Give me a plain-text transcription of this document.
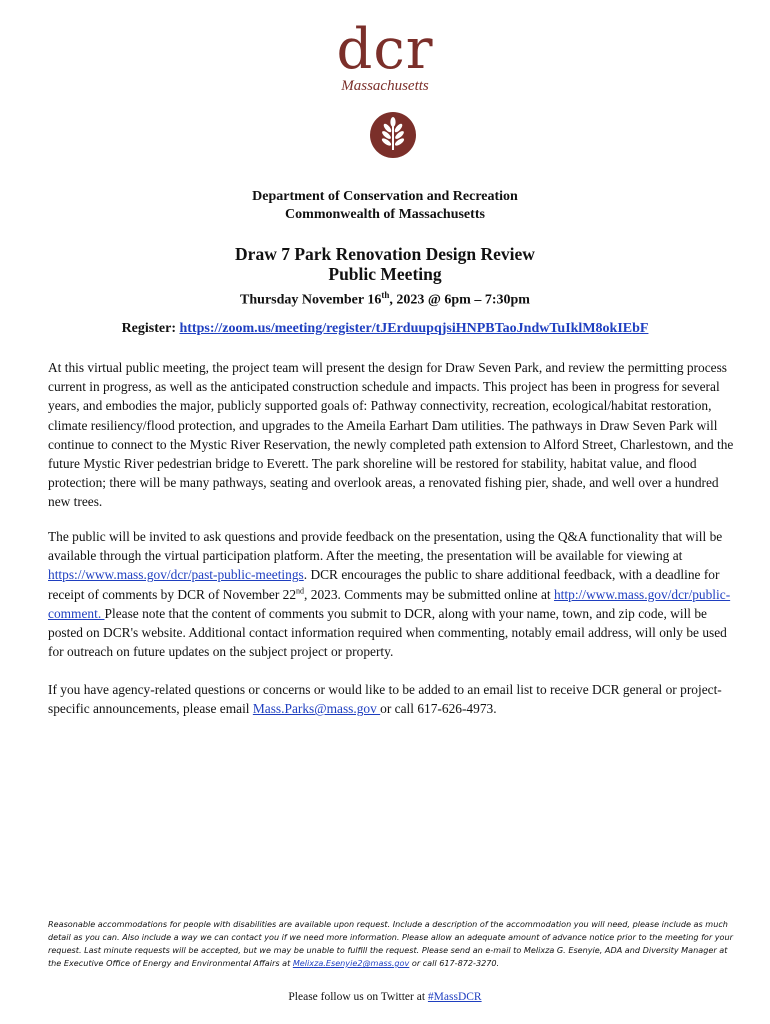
dcr
Massachusetts
Department of Conservation and Recreation
Commonwealth of Massachusetts
Draw 7 Park Renovation Design Review
Public Meeting
Thursday November 16th, 2023 @ 6pm – 7:30pm
Register: https://zoom.us/meeting/register/tJErduupqjsiHNPBTaoJndwTuIklM8okIEbF
At this virtual public meeting, the project team will present the design for Draw Seven Park, and review the permitting process current in progress, as well as the anticipated construction schedule and impacts. This project has been in progress for several years, and embodies the major, publicly supported goals of: Pathway connectivity, recreation, ecological/habitat restoration, climate resiliency/flood protection, and upgrades to the Ameila Earhart Dam utilities. The pathways in Draw Seven Park will continue to connect to the Mystic River Reservation, the newly completed path extension to Alford Street, Charlestown, and the future Mystic River pedestrian bridge to Everett. The park shoreline will be restored for stability, habitat value, and flood protection; there will be many pathways, seating and overlook areas, a renovated fishing pier, shade, and well over a hundred new trees.
The public will be invited to ask questions and provide feedback on the presentation, using the Q&A functionality that will be available through the virtual participation platform. After the meeting, the presentation will be available for viewing at https://www.mass.gov/dcr/past-public-meetings. DCR encourages the public to share additional feedback, with a deadline for receipt of comments by DCR of November 22nd, 2023. Comments may be submitted online at http://www.mass.gov/dcr/public-comment. Please note that the content of comments you submit to DCR, along with your name, town, and zip code, will be posted on DCR's website. Additional contact information required when commenting, notably email address, will only be used for outreach on future updates on the subject project or property.
If you have agency-related questions or concerns or would like to be added to an email list to receive DCR general or project-specific announcements, please email Mass.Parks@mass.gov or call 617-626-4973.
Reasonable accommodations for people with disabilities are available upon request. Include a description of the accommodation you will need, please include as much detail as you can. Also include a way we can contact you if we need more information. Please allow an adequate amount of advance notice prior to the meeting for your request. Last minute requests will be accepted, but we may be unable to fulfill the request. Please send an e-mail to Melixza G. Esenyie, ADA and Diversity Manager at the Executive Office of Energy and Environmental Affairs at Melixza.Esenyie2@mass.gov or call 617-872-3270.
Please follow us on Twitter at #MassDCR
